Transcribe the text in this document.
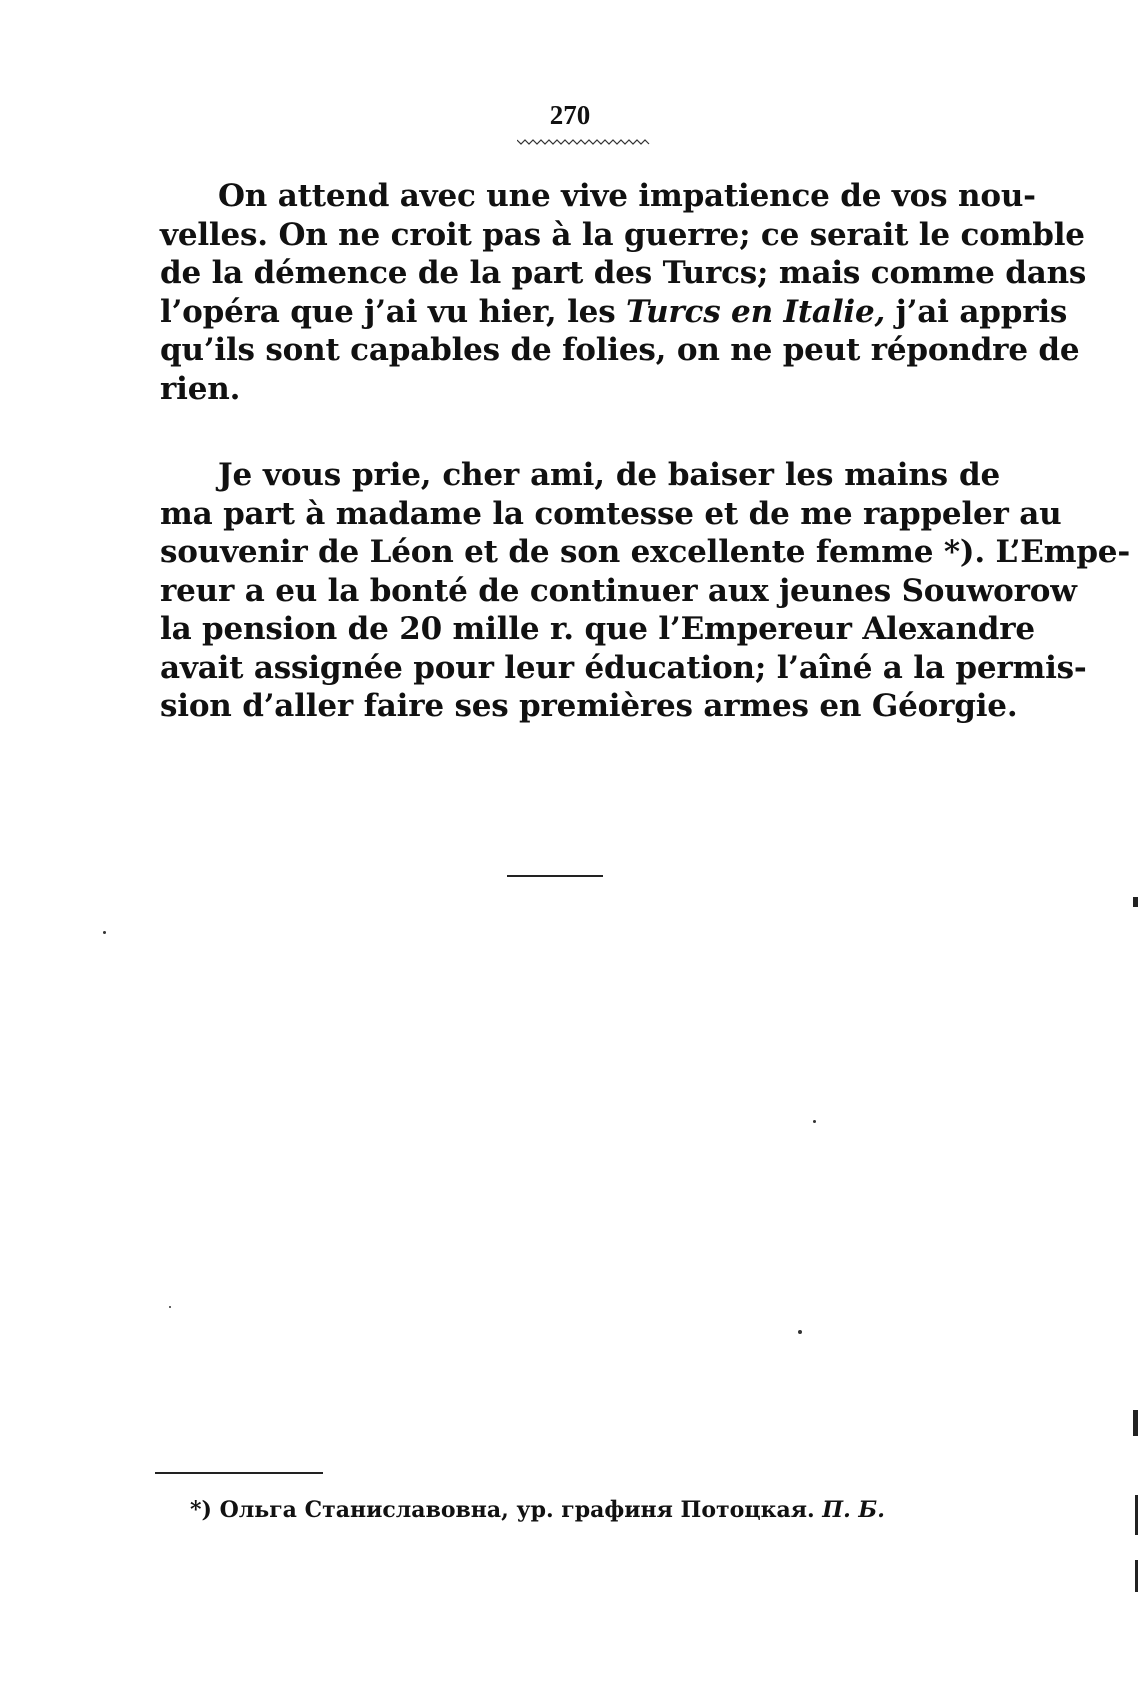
270
On attend avec une vive impatience de vos nou-
velles. On ne croit pas à la guerre; ce serait le comble
de la démence de la part des Turcs; mais comme dans
l’opéra que j’ai vu hier, les Turcs en Italie, j’ai appris
qu’ils sont capables de folies, on ne peut répondre de
rien.
Je vous prie, cher ami, de baiser les mains de
ma part à madame la comtesse et de me rappeler au
souvenir de Léon et de son excellente femme *). L’Empe-
reur a eu la bonté de continuer aux jeunes Souworow
la pension de 20 mille r. que l’Empereur Alexandre
avait assignée pour leur éducation; l’aîné a la permis-
sion d’aller faire ses premières armes en Géorgie.
*) Ольга Станиславовна, ур. графиня Потоцкая. П. Б.
